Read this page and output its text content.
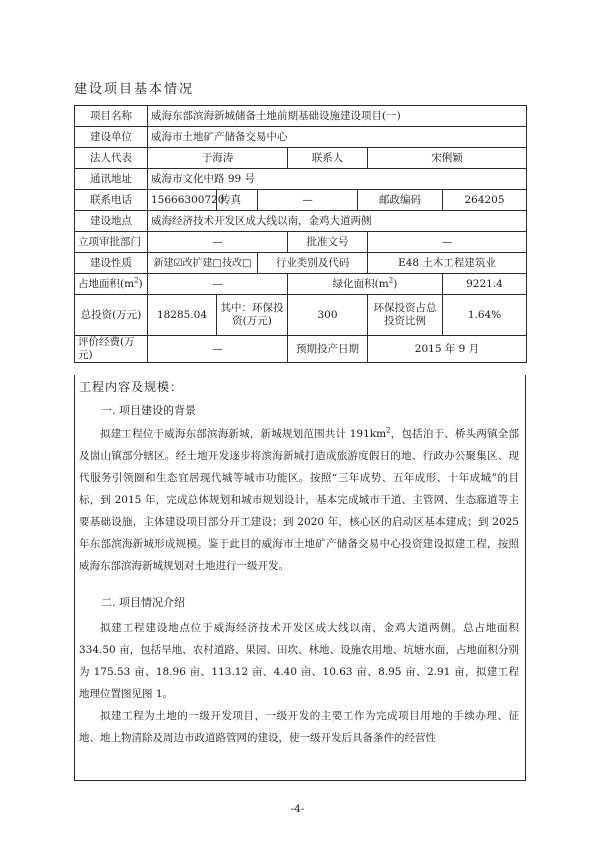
建设项目基本情况
项目名称	威海东部滨海新城储备土地前期基础设施建设项目(一)						
建设单位	威海市土地矿产储备交易中心						
法人代表	于海涛			联系人		宋俐颖	
通讯地址	威海市文化中路 99 号						
联系电话	15666300720	传真	—		邮政编码		264205
建设地点	威海经济技术开发区成大线以南，金鸡大道两侧						
立项审批部门	—			批准文号		—	
建设性质	新建☑改扩建□技改□		行业类别及代码			E48 土木工程建筑业	
占地面积$(m^2)$	—			绿化面积$(m^2)$			9221.4
总投资(万元)	18285.04	其中：环保投资(万元)		300		环保投资占总投资比例	1.64%
评价经费(万元)	—			预期投产日期		2015 年 9 月	
工程内容及规模：
一. 项目建设的背景

拟建工程位于威海东部滨海新城，新城规划范围共计 $191km^2$，包括泊于、桥头两镇全部及崮山镇部分辖区。经土地开发逐步将滨海新城打造成旅游度假日的地、行政办公聚集区、现代服务引领圈和生态宜居现代城等城市功能区。按照“三年成势、五年成形、十年成城”的目标，到 2015 年，完成总体规划和城市规划设计，基本完成城市干道、主管网、生态廊道等主要基础设施，主体建设项目部分开工建设；到 2020 年，核心区的启动区基本建成；到 2025 年东部滨海新城形成规模。鉴于此目的威海市土地矿产储备交易中心投资建设拟建工程，按照威海东部滨海新城规划对土地进行一级开发。

二. 项目情况介绍

拟建工程建设地点位于威海经济技术开发区成大线以南，金鸡大道两侧。总占地面积 334.50 亩，包括旱地、农村道路、果园、田坎、林地、设施农用地、坑塘水面，占地面积分别为 175.53 亩、18.96 亩、113.12 亩、4.40 亩、10.63 亩、8.95 亩、2.91 亩，拟建工程地理位置图见图 1。

拟建工程为土地的一级开发项目，一级开发的主要工作为完成项目用地的手续办理、征地、地上物清除及周边市政道路管网的建设，使一级开发后具备条件的经营性

-4-
